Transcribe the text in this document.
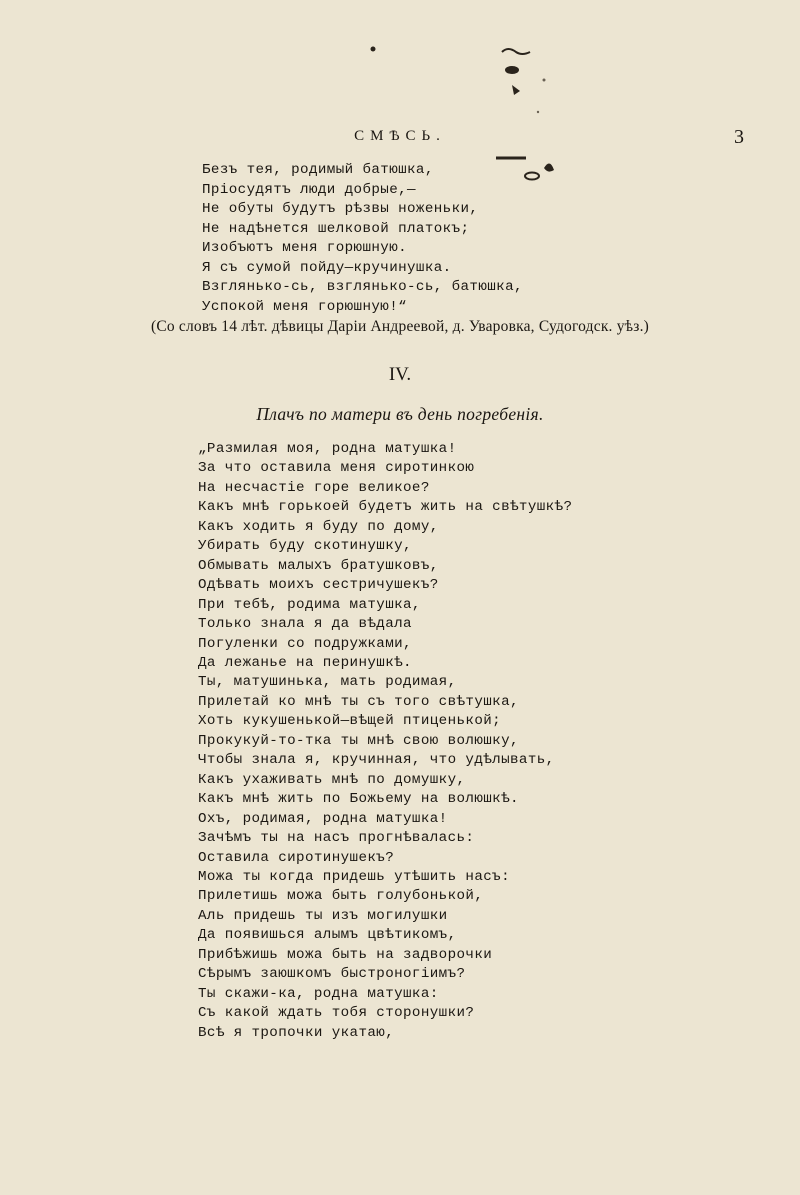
СМѢСЬ.	3
Безъ тея, родимый батюшка,
Пріосудятъ люди добрые,—
Не обуты будутъ рѣзвы ноженьки,
Не надѣнется шелковой платокъ;
Изобъютъ меня горюшную.
Я съ сумой пойду—кручинушка.
Взглянько-сь, взглянько-сь, батюшка,
Успокой меня горюшную!“
(Со словъ 14 лѣт. дѣвицы Даріи Андреевой, д. Уваровка, Судогодск. уѣз.)
IV.
Плачъ по матери въ день погребенія.
„Размилая моя, родна матушка!
За что оставила меня сиротинкою
На несчастіе горе великое?
Какъ мнѣ горькоей будетъ жить на свѣтушкѣ?
Какъ ходить я буду по дому,
Убирать буду скотинушку,
Обмывать малыхъ братушковъ,
Одѣвать моихъ сестричушекъ?
При тебѣ, родима матушка,
Только знала я да вѣдала
Погуленки со подружками,
Да лежанье на перинушкѣ.
Ты, матушинька, мать родимая,
Прилетай ко мнѣ ты съ того свѣтушка,
Хоть кукушенькой—вѣщей птиценькой;
Прокукуй-то-тка ты мнѣ свою волюшку,
Чтобы знала я, кручинная, что удѣлывать,
Какъ ухаживать мнѣ по домушку,
Какъ мнѣ жить по Божьему на волюшкѣ.
Охъ, родимая, родна матушка!
Зачѣмъ ты на насъ прогнѣвалась:
Оставила сиротинушекъ?
Можа ты когда придешь утѣшить насъ:
Прилетишь можа быть голубонькой,
Аль придешь ты изъ могилушки
Да появишься алымъ цвѣтикомъ,
Прибѣжишь можа быть на задворочки
Сѣрымъ заюшкомъ быстроногіимъ?
Ты скажи-ка, родна матушка:
Съ какой ждать тобя сторонушки?
Всѣ я тропочки укатаю,
